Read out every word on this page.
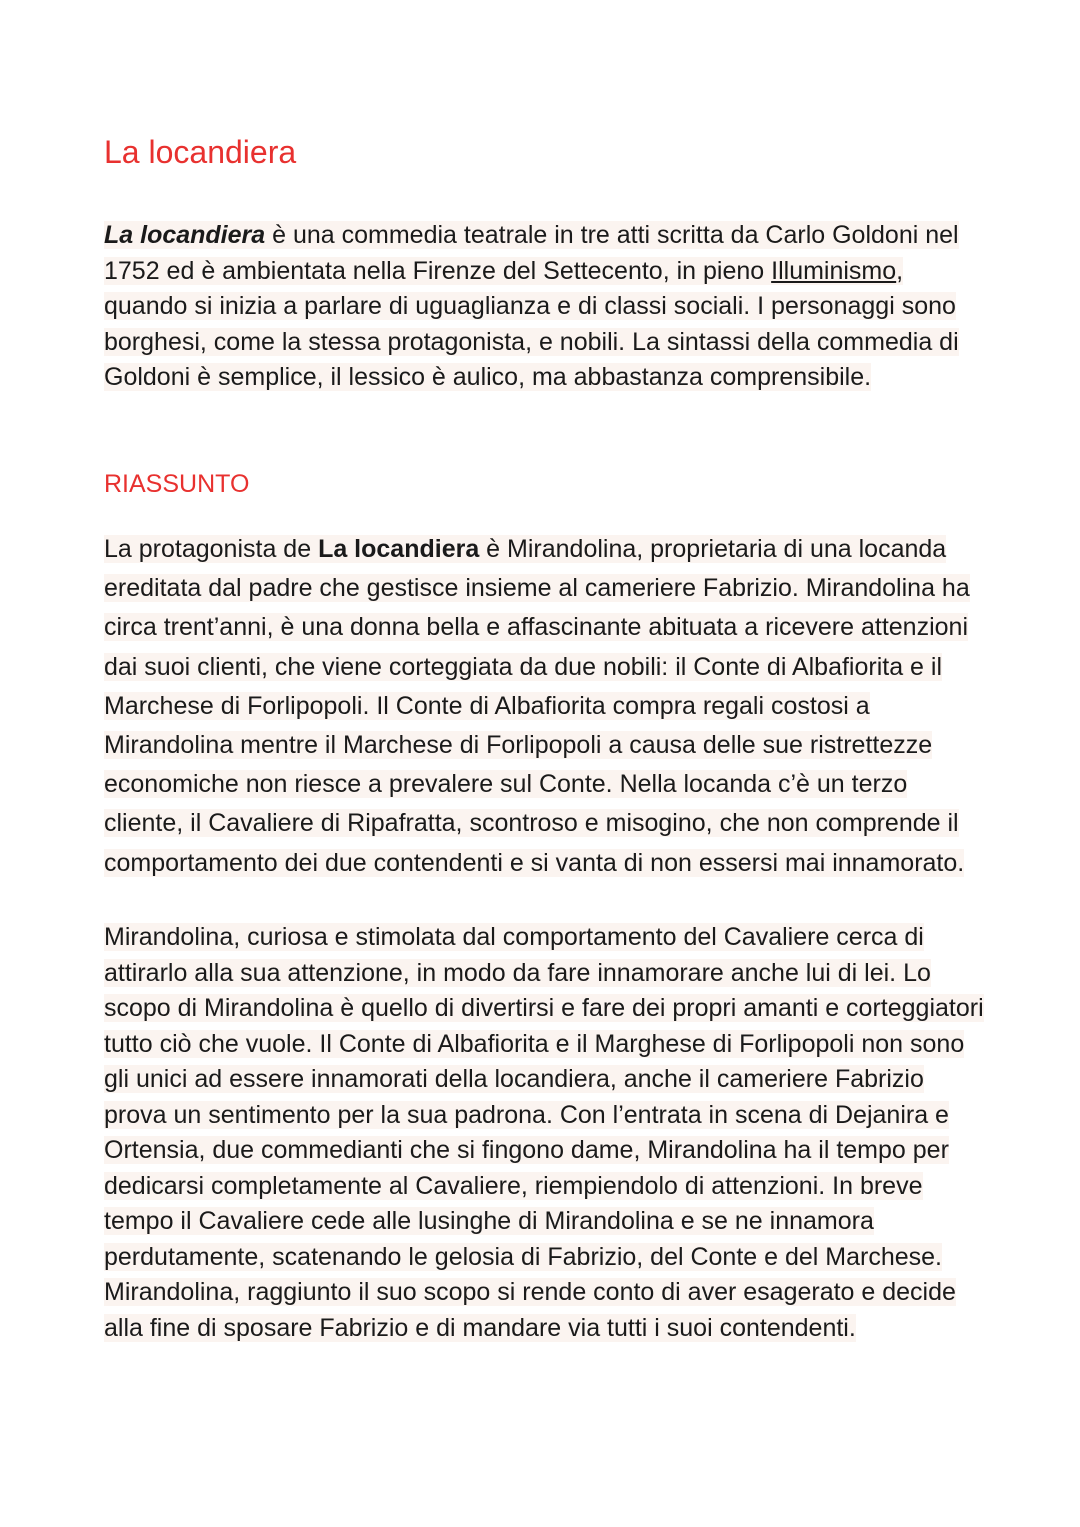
La locandiera

La locandiera è una commedia teatrale in tre atti scritta da Carlo Goldoni nel 1752 ed è ambientata nella Firenze del Settecento, in pieno Illuminismo, quando si inizia a parlare di uguaglianza e di classi sociali. I personaggi sono borghesi, come la stessa protagonista, e nobili. La sintassi della commedia di Goldoni è semplice, il lessico è aulico, ma abbastanza comprensibile.

RIASSUNTO

La protagonista de La locandiera è Mirandolina, proprietaria di una locanda ereditata dal padre che gestisce insieme al cameriere Fabrizio. Mirandolina ha circa trent’anni, è una donna bella e affascinante abituata a ricevere attenzioni dai suoi clienti, che viene corteggiata da due nobili: il Conte di Albafiorita e il Marchese di Forlipopoli. Il Conte di Albafiorita compra regali costosi a Mirandolina mentre il Marchese di Forlipopoli a causa delle sue ristrettezze economiche non riesce a prevalere sul Conte. Nella locanda c’è un terzo cliente, il Cavaliere di Ripafratta, scontroso e misogino, che non comprende il comportamento dei due contendenti e si vanta di non essersi mai innamorato.

Mirandolina, curiosa e stimolata dal comportamento del Cavaliere cerca di attirarlo alla sua attenzione, in modo da fare innamorare anche lui di lei. Lo scopo di Mirandolina è quello di divertirsi e fare dei propri amanti e corteggiatori tutto ciò che vuole. Il Conte di Albafiorita e il Marghese di Forlipopoli non sono gli unici ad essere innamorati della locandiera, anche il cameriere Fabrizio prova un sentimento per la sua padrona. Con l’entrata in scena di Dejanira e Ortensia, due commedianti che si fingono dame, Mirandolina ha il tempo per dedicarsi completamente al Cavaliere, riempiendolo di attenzioni. In breve tempo il Cavaliere cede alle lusinghe di Mirandolina e se ne innamora perdutamente, scatenando le gelosia di Fabrizio, del Conte e del Marchese. Mirandolina, raggiunto il suo scopo si rende conto di aver esagerato e decide alla fine di sposare Fabrizio e di mandare via tutti i suoi contendenti.
